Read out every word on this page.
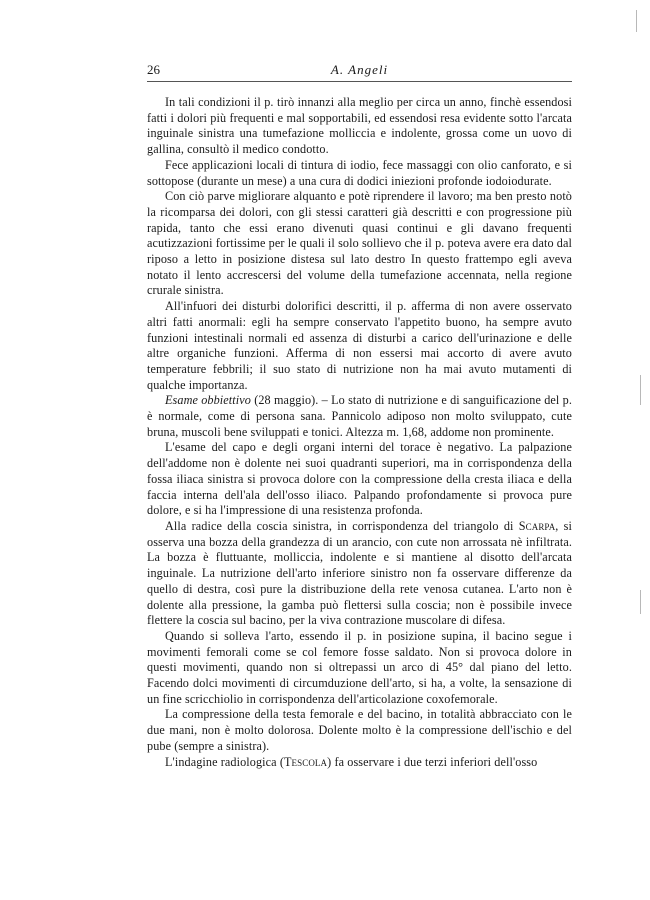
26	A. Angeli

In tali condizioni il p. tirò innanzi alla meglio per circa un anno, finchè essendosi fatti i dolori più frequenti e mal sopportabili, ed essendosi resa evidente sotto l'arcata inguinale sinistra una tumefazione molliccia e indolente, grossa come un uovo di gallina, consultò il medico condotto.

Fece applicazioni locali di tintura di iodio, fece massaggi con olio canforato, e si sottopose (durante un mese) a una cura di dodici iniezioni profonde iodoiodurate.

Con ciò parve migliorare alquanto e potè riprendere il lavoro; ma ben presto notò la ricomparsa dei dolori, con gli stessi caratteri già descritti e con progressione più rapida, tanto che essi erano divenuti quasi continui e gli davano frequenti acutizzazioni fortissime per le quali il solo sollievo che il p. poteva avere era dato dal riposo a letto in posizione distesa sul lato destro In questo frattempo egli aveva notato il lento accrescersi del volume della tumefazione accennata, nella regione crurale sinistra.

All'infuori dei disturbi dolorifici descritti, il p. afferma di non avere osservato altri fatti anormali: egli ha sempre conservato l'appetito buono, ha sempre avuto funzioni intestinali normali ed assenza di disturbi a carico dell'urinazione e delle altre organiche funzioni. Afferma di non essersi mai accorto di avere avuto temperature febbrili; il suo stato di nutrizione non ha mai avuto mutamenti di qualche importanza.

Esame obbiettivo (28 maggio). – Lo stato di nutrizione e di sanguificazione del p. è normale, come di persona sana. Pannicolo adiposo non molto sviluppato, cute bruna, muscoli bene sviluppati e tonici. Altezza m. 1,68, addome non prominente.

L'esame del capo e degli organi interni del torace è negativo. La palpazione dell'addome non è dolente nei suoi quadranti superiori, ma in corrispondenza della fossa iliaca sinistra si provoca dolore con la compressione della cresta iliaca e della faccia interna dell'ala dell'osso iliaco. Palpando profondamente si provoca pure dolore, e si ha l'impressione di una resistenza profonda.

Alla radice della coscia sinistra, in corrispondenza del triangolo di Scarpa, si osserva una bozza della grandezza di un arancio, con cute non arrossata nè infiltrata. La bozza è fluttuante, molliccia, indolente e si mantiene al disotto dell'arcata inguinale. La nutrizione dell'arto inferiore sinistro non fa osservare differenze da quello di destra, così pure la distribuzione della rete venosa cutanea. L'arto non è dolente alla pressione, la gamba può flettersi sulla coscia; non è possibile invece flettere la coscia sul bacino, per la viva contrazione muscolare di difesa.

Quando si solleva l'arto, essendo il p. in posizione supina, il bacino segue i movimenti femorali come se col femore fosse saldato. Non si provoca dolore in questi movimenti, quando non si oltrepassi un arco di 45° dal piano del letto. Facendo dolci movimenti di circumduzione dell'arto, si ha, a volte, la sensazione di un fine scricchiolio in corrispondenza dell'articolazione coxofemorale.

La compressione della testa femorale e del bacino, in totalità abbracciato con le due mani, non è molto dolorosa. Dolente molto è la compressione dell'ischio e del pube (sempre a sinistra).

L'indagine radiologica (Tescola) fa osservare i due terzi inferiori dell'osso
